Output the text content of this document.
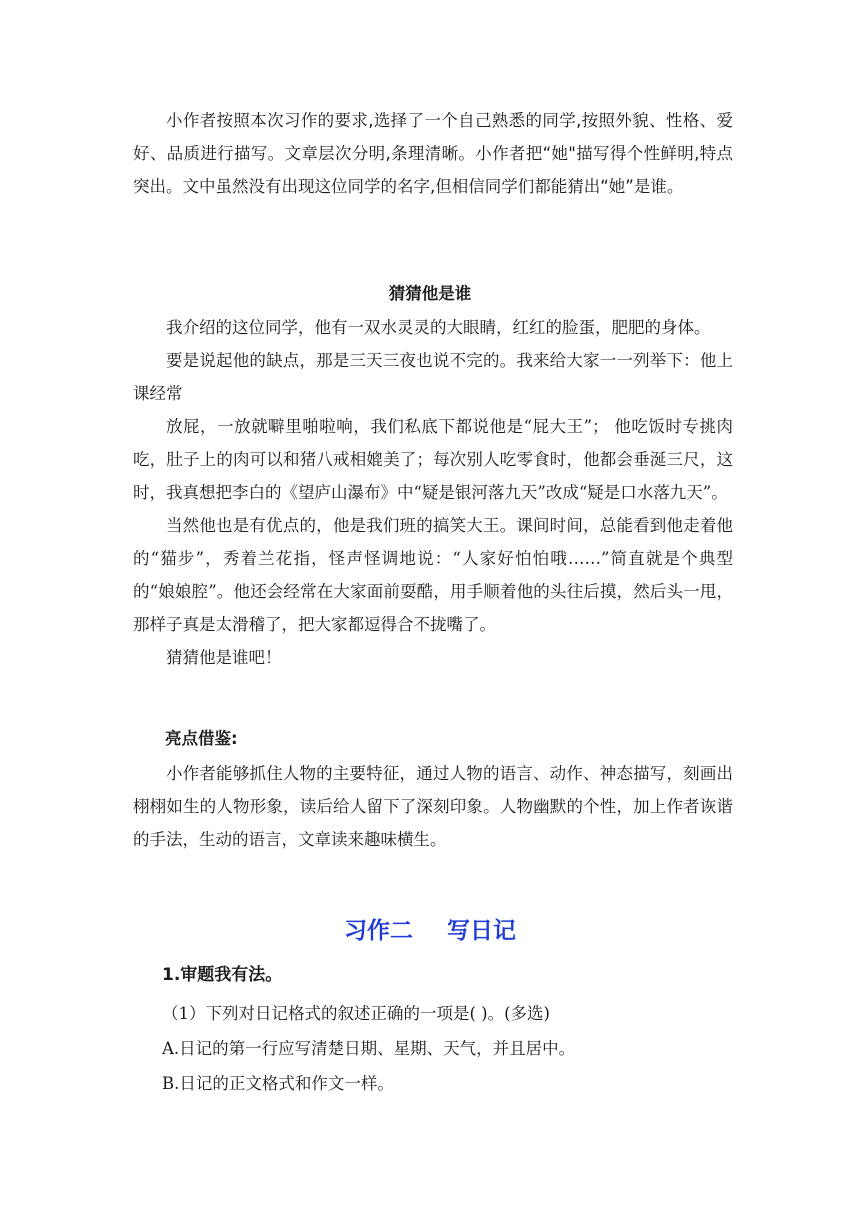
小作者按照本次习作的要求,选择了一个自己熟悉的同学,按照外貌、性格、爱好、品质进行描写。文章层次分明,条理清晰。小作者把“她"描写得个性鲜明,特点突出。文中虽然没有出现这位同学的名字,但相信同学们都能猜出“她”是谁。

猜猜他是谁

我介绍的这位同学，他有一双水灵灵的大眼睛，红红的脸蛋，肥肥的身体。

要是说起他的缺点，那是三天三夜也说不完的。我来给大家一一列举下：他上课经常

放屁，一放就噼里啪啦响，我们私底下都说他是“屁大王”； 他吃饭时专挑肉吃，肚子上的肉可以和猪八戒相媲美了；每次别人吃零食时，他都会垂涎三尺，这时，我真想把李白的《望庐山瀑布》中“疑是银河落九天”改成“疑是口水落九天”。

当然他也是有优点的，他是我们班的搞笑大王。课间时间，总能看到他走着他的“猫步”，秀着兰花指，怪声怪调地说：“人家好怕怕哦……”简直就是个典型的“娘娘腔”。他还会经常在大家面前耍酷，用手顺着他的头往后摸，然后头一甩，那样子真是太滑稽了，把大家都逗得合不拢嘴了。

猜猜他是谁吧！

亮点借鉴:

小作者能够抓住人物的主要特征，通过人物的语言、动作、神态描写，刻画出栩栩如生的人物形象，读后给人留下了深刻印象。人物幽默的个性，加上作者诙谐的手法，生动的语言，文章读来趣味横生。

习作二 写日记
1.审题我有法。
（1）下列对日记格式的叙述正确的一项是( )。(多选)
A.日记的第一行应写清楚日期、星期、天气，并且居中。
B.日记的正文格式和作文一样。
